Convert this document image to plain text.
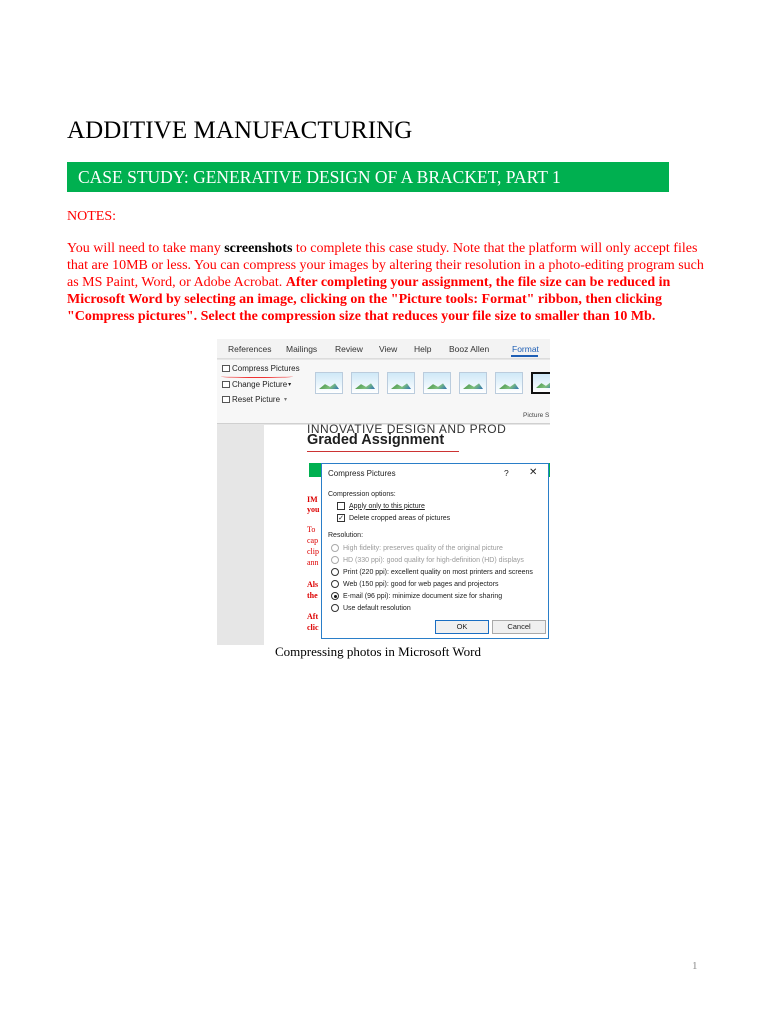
ADDITIVE MANUFACTURING
CASE STUDY: GENERATIVE DESIGN OF A BRACKET, PART 1
NOTES:
You will need to take many screenshots to complete this case study. Note that the platform will only accept files that are 10MB or less. You can compress your images by altering their resolution in a photo-editing program such as MS Paint, Word, or Adobe Acrobat. After completing your assignment, the file size can be reduced in Microsoft Word by selecting an image, clicking on the "Picture tools: Format" ribbon, then clicking "Compress pictures". Select the compression size that reduces your file size to smaller than 10 Mb.
References Mailings Review View Help Booz Allen	Format
Compress Pictures
Change Picture ▾
Reset Picture ▾
Picture S
INNOVATIVE DESIGN AND PROD
Graded Assignment
IM
you
To
cap
clip
ann
Als
the
Aft
clic
Compress Pictures	? ✕
Compression options:
Apply only to this picture
✓ Delete cropped areas of pictures
Resolution:
High fidelity: preserves quality of the original picture
HD (330 ppi): good quality for high-definition (HD) displays
Print (220 ppi): excellent quality on most printers and screens
Web (150 ppi): good for web pages and projectors
E-mail (96 ppi): minimize document size for sharing
Use default resolution
OK	Cancel
Compressing photos in Microsoft Word
1
